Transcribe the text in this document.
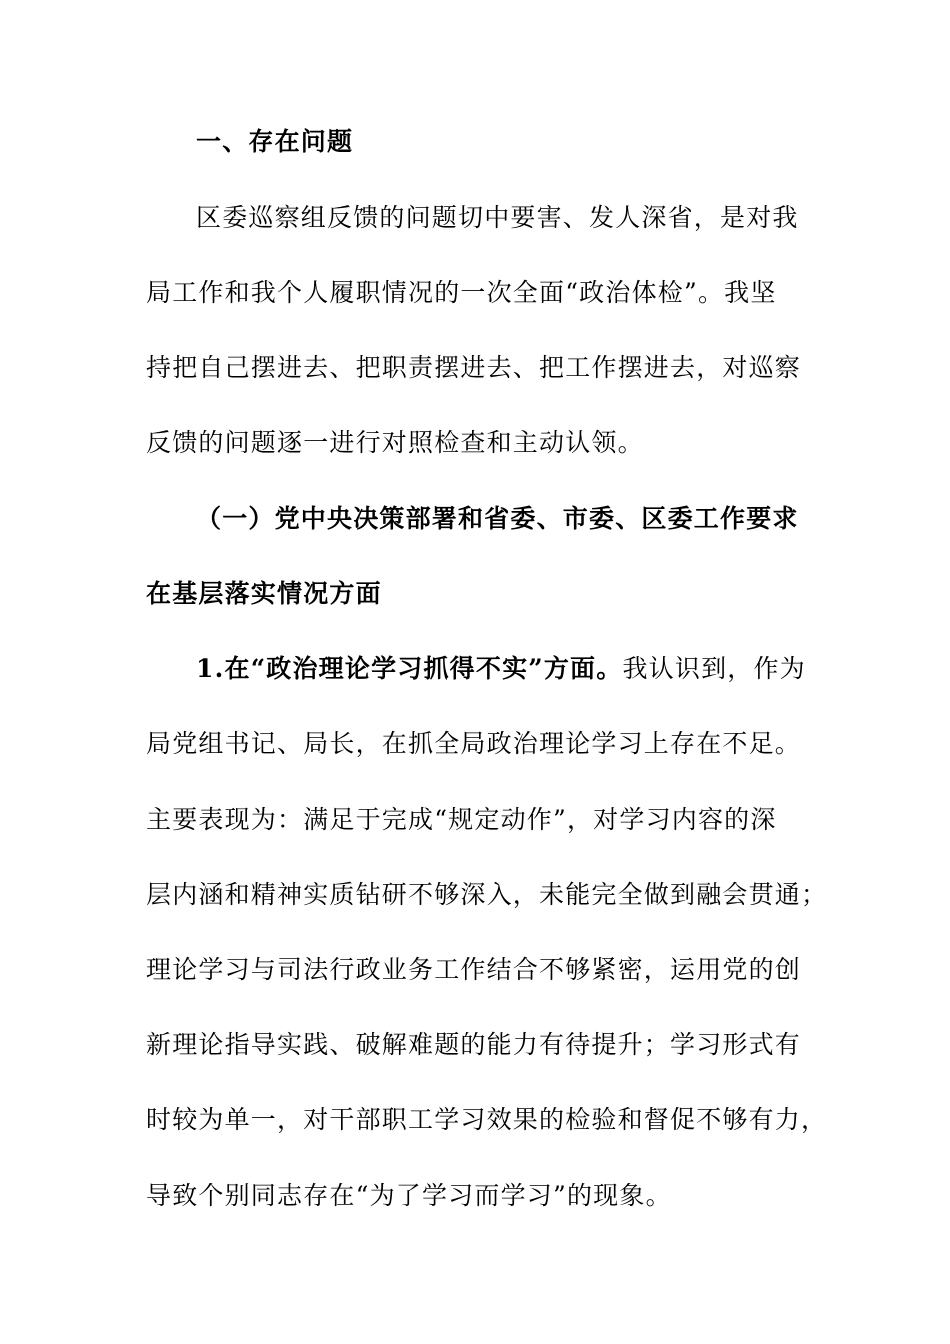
一、存在问题
区委巡察组反馈的问题切中要害、发人深省，是对我
局工作和我个人履职情况的一次全面“政治体检”。我坚
持把自己摆进去、把职责摆进去、把工作摆进去，对巡察
反馈的问题逐一进行对照检查和主动认领。
（一）党中央决策部署和省委、市委、区委工作要求
在基层落实情况方面
1.在“政治理论学习抓得不实”方面。我认识到，作为
局党组书记、局长，在抓全局政治理论学习上存在不足。
主要表现为：满足于完成“规定动作”，对学习内容的深
层内涵和精神实质钻研不够深入，未能完全做到融会贯通；
理论学习与司法行政业务工作结合不够紧密，运用党的创
新理论指导实践、破解难题的能力有待提升；学习形式有
时较为单一，对干部职工学习效果的检验和督促不够有力，
导致个别同志存在“为了学习而学习”的现象。
